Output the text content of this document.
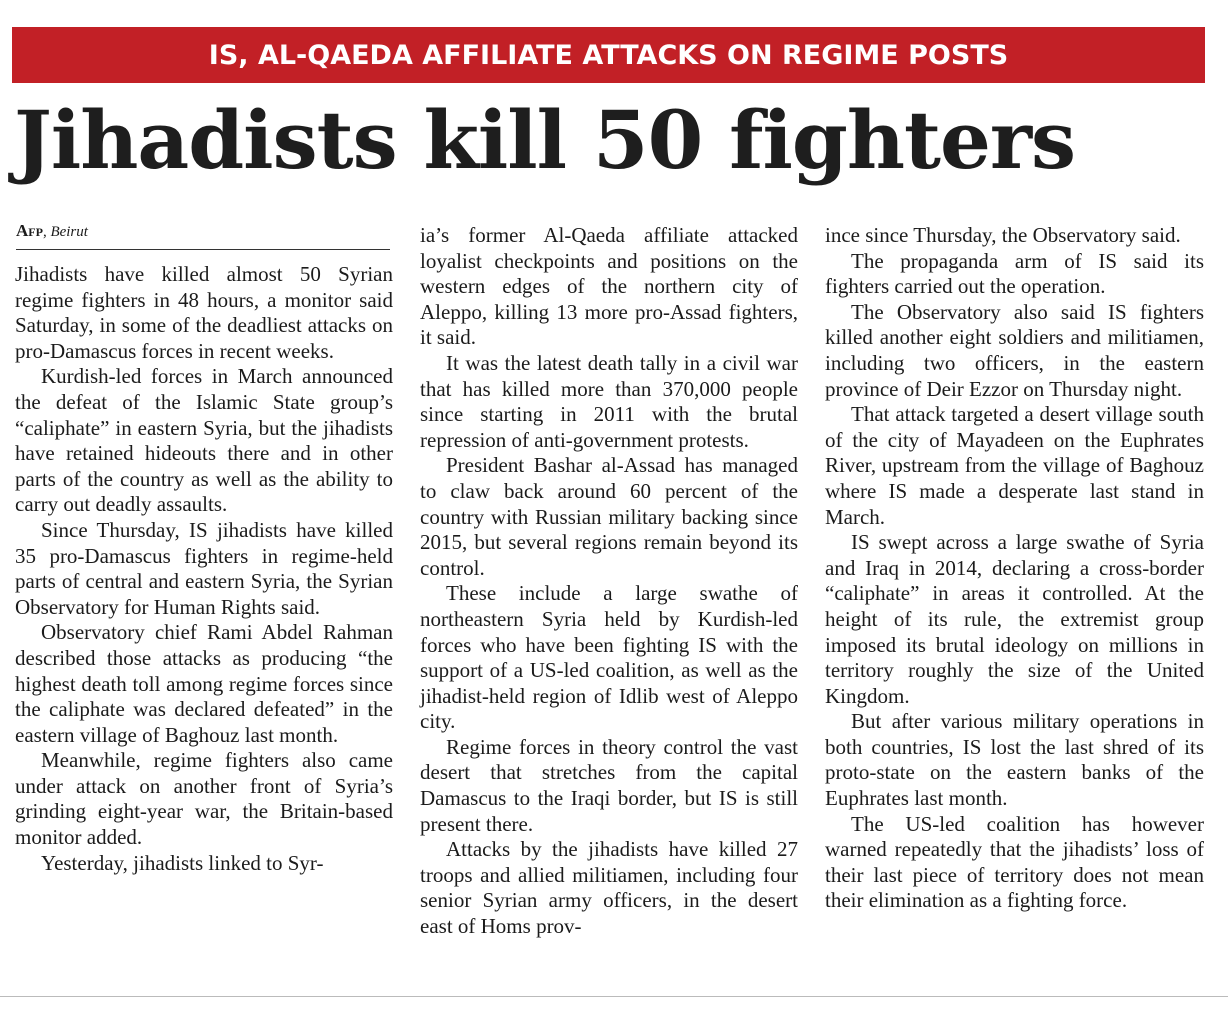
IS, AL-QAEDA AFFILIATE ATTACKS ON REGIME POSTS
Jihadists kill 50 fighters
Afp, Beirut

Jihadists have killed almost 50 Syrian regime fighters in 48 hours, a monitor said Saturday, in some of the deadliest attacks on pro-Damascus forces in recent weeks.

Kurdish-led forces in March announced the defeat of the Islamic State group’s “caliphate” in eastern Syria, but the jihadists have retained hideouts there and in other parts of the country as well as the ability to carry out deadly assaults.

Since Thursday, IS jihadists have killed 35 pro-Damascus fighters in regime-held parts of central and eastern Syria, the Syrian Observatory for Human Rights said.

Observatory chief Rami Abdel Rahman described those attacks as producing “the highest death toll among regime forces since the caliphate was declared defeated” in the eastern village of Baghouz last month.

Meanwhile, regime fighters also came under attack on another front of Syria’s grinding eight-year war, the Britain-based monitor added.

Yesterday, jihadists linked to Syr-

ia’s former Al-Qaeda affiliate attacked loyalist checkpoints and positions on the western edges of the northern city of Aleppo, killing 13 more pro-Assad fighters, it said.

It was the latest death tally in a civil war that has killed more than 370,000 people since starting in 2011 with the brutal repression of anti-government protests.

President Bashar al-Assad has managed to claw back around 60 percent of the country with Russian military backing since 2015, but several regions remain beyond its control.

These include a large swathe of northeastern Syria held by Kurdish-led forces who have been fighting IS with the support of a US-led coalition, as well as the jihadist-held region of Idlib west of Aleppo city.

Regime forces in theory control the vast desert that stretches from the capital Damascus to the Iraqi border, but IS is still present there.

Attacks by the jihadists have killed 27 troops and allied militiamen, including four senior Syrian army officers, in the desert east of Homs prov-

ince since Thursday, the Observatory said.

The propaganda arm of IS said its fighters carried out the operation.

The Observatory also said IS fighters killed another eight soldiers and militiamen, including two officers, in the eastern province of Deir Ezzor on Thursday night.

That attack targeted a desert village south of the city of Mayadeen on the Euphrates River, upstream from the village of Baghouz where IS made a desperate last stand in March.

IS swept across a large swathe of Syria and Iraq in 2014, declaring a cross-border “caliphate” in areas it controlled. At the height of its rule, the extremist group imposed its brutal ideology on millions in territory roughly the size of the United Kingdom.

But after various military operations in both countries, IS lost the last shred of its proto-state on the eastern banks of the Euphrates last month.

The US-led coalition has however warned repeatedly that the jihadists’ loss of their last piece of territory does not mean their elimination as a fighting force.
